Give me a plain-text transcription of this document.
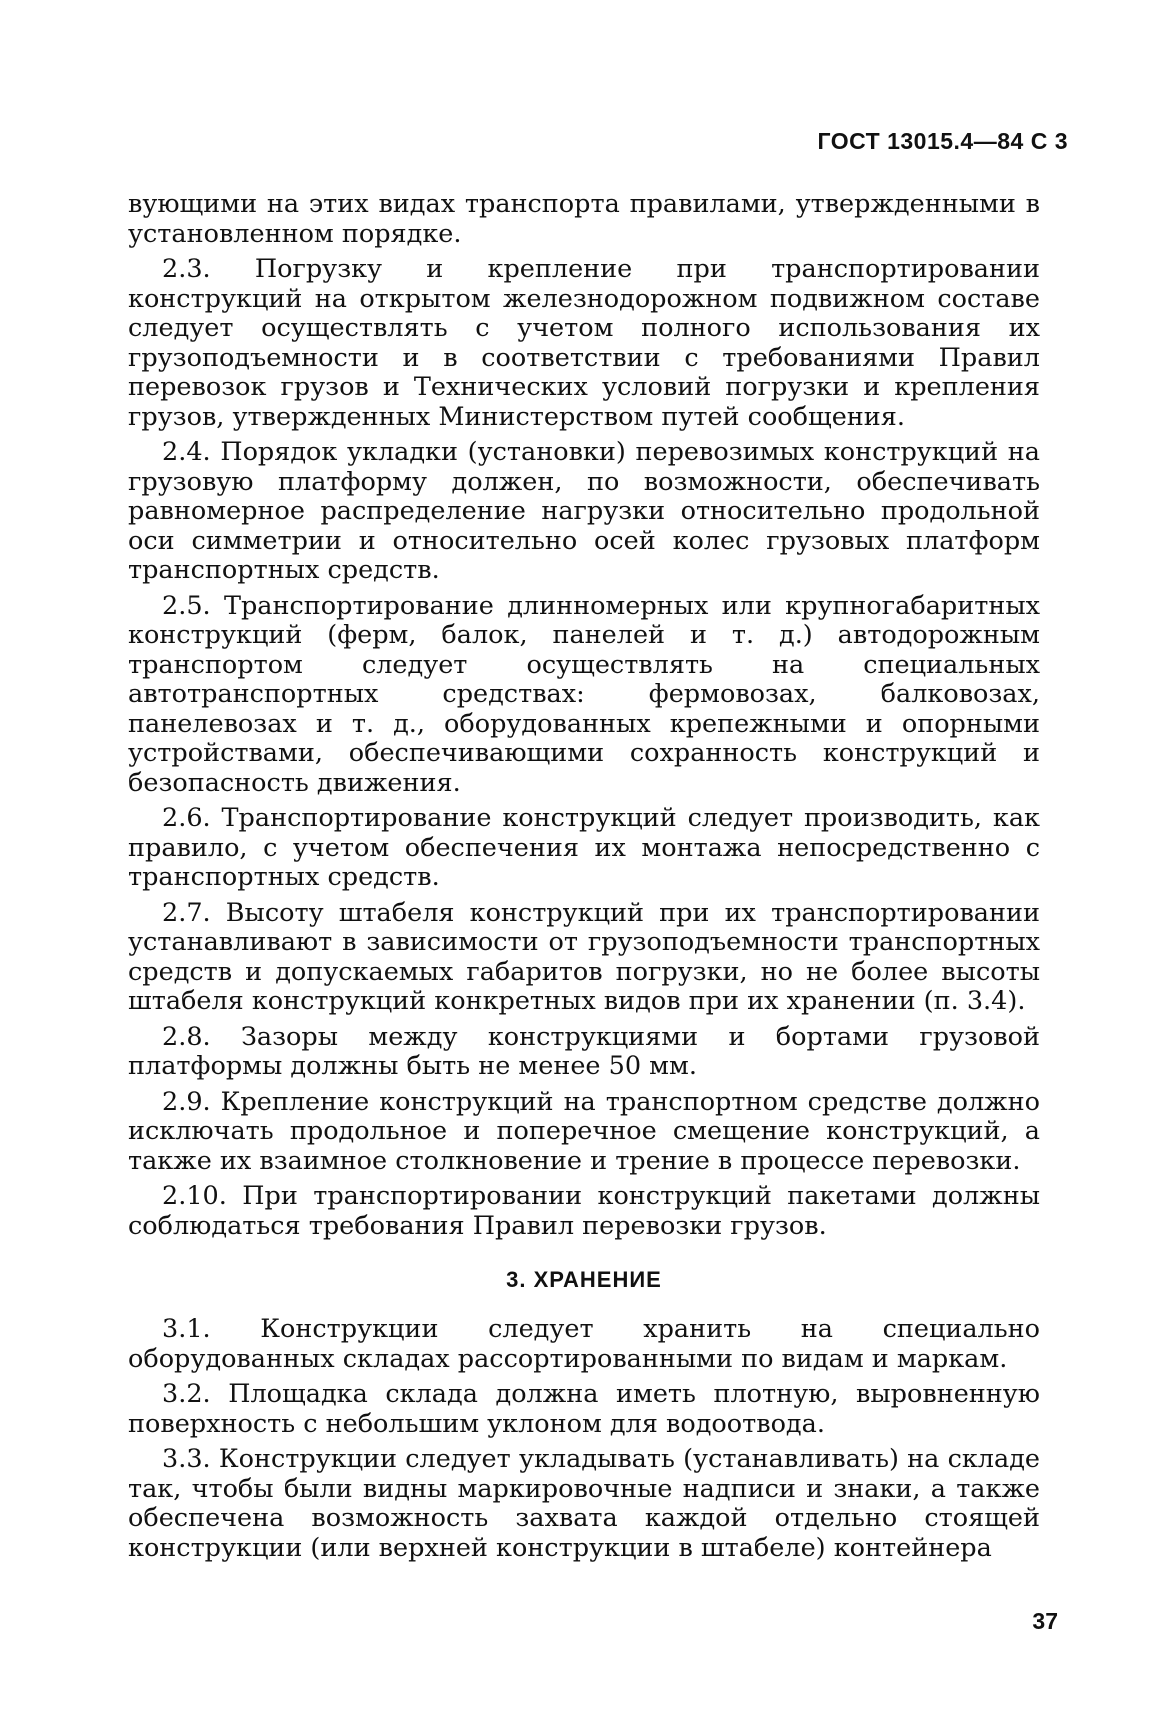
ГОСТ 13015.4—84 С 3

вующими на этих видах транспорта правилами, утвержденными в установленном порядке.

2.3. Погрузку и крепление при транспортировании конструкций на открытом железнодорожном подвижном составе следует осуществлять с учетом полного использования их грузоподъемности и в соответствии с требованиями Правил перевозок грузов и Технических условий погрузки и крепления грузов, утвержденных Министерством путей сообщения.

2.4. Порядок укладки (установки) перевозимых конструкций на грузовую платформу должен, по возможности, обеспечивать равномерное распределение нагрузки относительно продольной оси симметрии и относительно осей колес грузовых платформ транспортных средств.

2.5. Транспортирование длинномерных или крупногабаритных конструкций (ферм, балок, панелей и т. д.) автодорожным транспортом следует осуществлять на специальных автотранспортных средствах: фермовозах, балковозах, панелевозах и т. д., оборудованных крепежными и опорными устройствами, обеспечивающими сохранность конструкций и безопасность движения.

2.6. Транспортирование конструкций следует производить, как правило, с учетом обеспечения их монтажа непосредственно с транспортных средств.

2.7. Высоту штабеля конструкций при их транспортировании устанавливают в зависимости от грузоподъемности транспортных средств и допускаемых габаритов погрузки, но не более высоты штабеля конструкций конкретных видов при их хранении (п. 3.4).

2.8. Зазоры между конструкциями и бортами грузовой платформы должны быть не менее 50 мм.

2.9. Крепление конструкций на транспортном средстве должно исключать продольное и поперечное смещение конструкций, а также их взаимное столкновение и трение в процессе перевозки.

2.10. При транспортировании конструкций пакетами должны соблюдаться требования Правил перевозки грузов.

3. ХРАНЕНИЕ

3.1. Конструкции следует хранить на специально оборудованных складах рассортированными по видам и маркам.

3.2. Площадка склада должна иметь плотную, выровненную поверхность с небольшим уклоном для водоотвода.

3.3. Конструкции следует укладывать (устанавливать) на складе так, чтобы были видны маркировочные надписи и знаки, а также обеспечена возможность захвата каждой отдельно стоящей конструкции (или верхней конструкции в штабеле) контейнера

37
